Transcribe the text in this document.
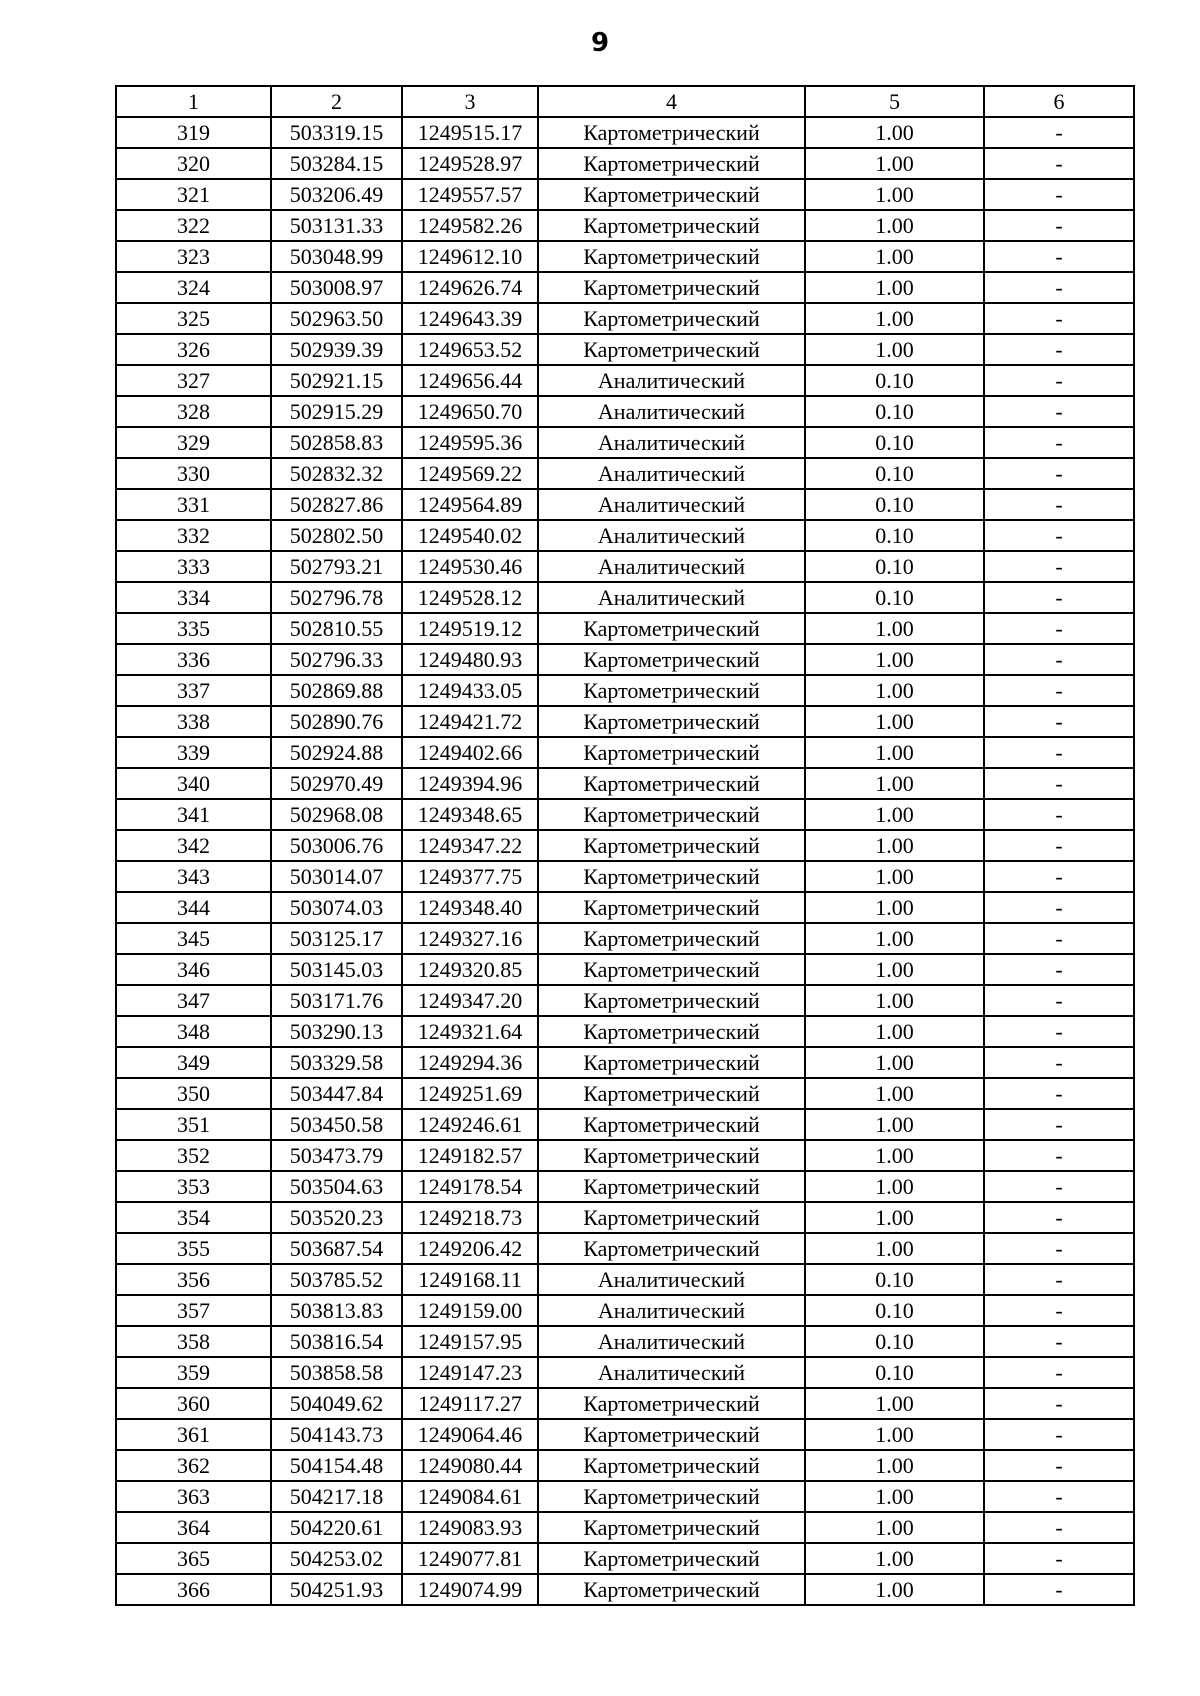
9
1	2	3	4	5	6
319	503319.15	1249515.17	Картометрический	1.00	-
320	503284.15	1249528.97	Картометрический	1.00	-
321	503206.49	1249557.57	Картометрический	1.00	-
322	503131.33	1249582.26	Картометрический	1.00	-
323	503048.99	1249612.10	Картометрический	1.00	-
324	503008.97	1249626.74	Картометрический	1.00	-
325	502963.50	1249643.39	Картометрический	1.00	-
326	502939.39	1249653.52	Картометрический	1.00	-
327	502921.15	1249656.44	Аналитический	0.10	-
328	502915.29	1249650.70	Аналитический	0.10	-
329	502858.83	1249595.36	Аналитический	0.10	-
330	502832.32	1249569.22	Аналитический	0.10	-
331	502827.86	1249564.89	Аналитический	0.10	-
332	502802.50	1249540.02	Аналитический	0.10	-
333	502793.21	1249530.46	Аналитический	0.10	-
334	502796.78	1249528.12	Аналитический	0.10	-
335	502810.55	1249519.12	Картометрический	1.00	-
336	502796.33	1249480.93	Картометрический	1.00	-
337	502869.88	1249433.05	Картометрический	1.00	-
338	502890.76	1249421.72	Картометрический	1.00	-
339	502924.88	1249402.66	Картометрический	1.00	-
340	502970.49	1249394.96	Картометрический	1.00	-
341	502968.08	1249348.65	Картометрический	1.00	-
342	503006.76	1249347.22	Картометрический	1.00	-
343	503014.07	1249377.75	Картометрический	1.00	-
344	503074.03	1249348.40	Картометрический	1.00	-
345	503125.17	1249327.16	Картометрический	1.00	-
346	503145.03	1249320.85	Картометрический	1.00	-
347	503171.76	1249347.20	Картометрический	1.00	-
348	503290.13	1249321.64	Картометрический	1.00	-
349	503329.58	1249294.36	Картометрический	1.00	-
350	503447.84	1249251.69	Картометрический	1.00	-
351	503450.58	1249246.61	Картометрический	1.00	-
352	503473.79	1249182.57	Картометрический	1.00	-
353	503504.63	1249178.54	Картометрический	1.00	-
354	503520.23	1249218.73	Картометрический	1.00	-
355	503687.54	1249206.42	Картометрический	1.00	-
356	503785.52	1249168.11	Аналитический	0.10	-
357	503813.83	1249159.00	Аналитический	0.10	-
358	503816.54	1249157.95	Аналитический	0.10	-
359	503858.58	1249147.23	Аналитический	0.10	-
360	504049.62	1249117.27	Картометрический	1.00	-
361	504143.73	1249064.46	Картометрический	1.00	-
362	504154.48	1249080.44	Картометрический	1.00	-
363	504217.18	1249084.61	Картометрический	1.00	-
364	504220.61	1249083.93	Картометрический	1.00	-
365	504253.02	1249077.81	Картометрический	1.00	-
366	504251.93	1249074.99	Картометрический	1.00	-
